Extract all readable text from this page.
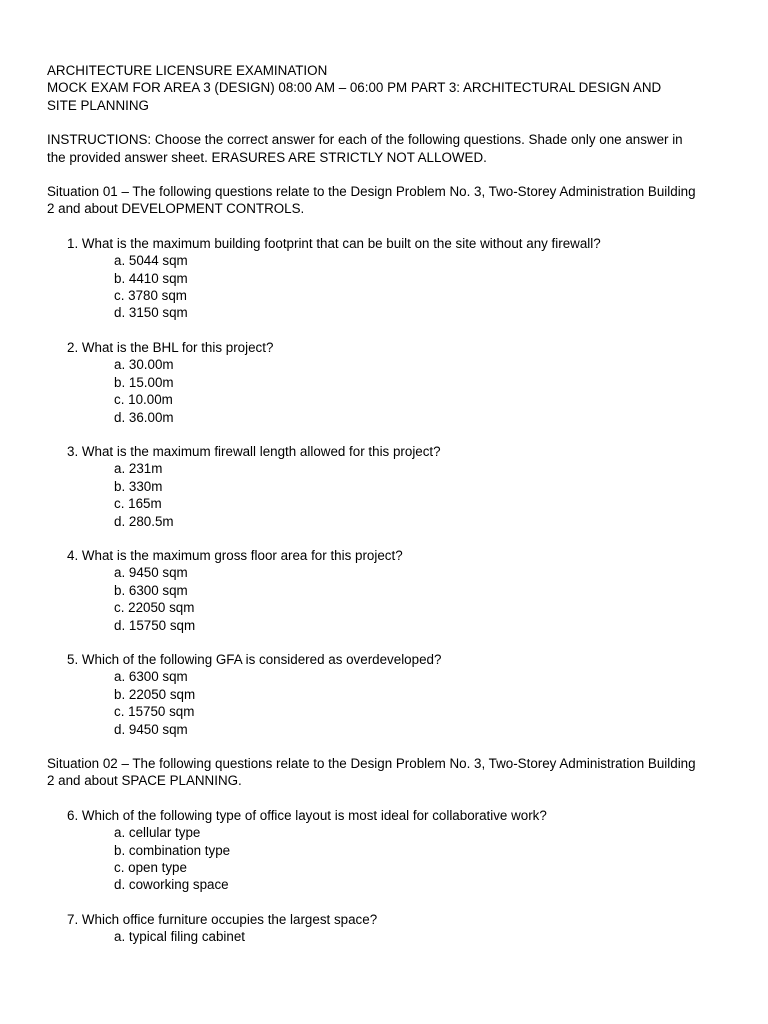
ARCHITECTURE LICENSURE EXAMINATION

MOCK EXAM FOR AREA 3 (DESIGN) 08:00 AM – 06:00 PM PART 3: ARCHITECTURAL DESIGN AND

SITE PLANNING

INSTRUCTIONS: Choose the correct answer for each of the following questions. Shade only one answer in

the provided answer sheet. ERASURES ARE STRICTLY NOT ALLOWED.

Situation 01 – The following questions relate to the Design Problem No. 3, Two-Storey Administration Building

2 and about DEVELOPMENT CONTROLS.

1. What is the maximum building footprint that can be built on the site without any firewall?
a. 5044 sqm
b. 4410 sqm
c. 3780 sqm
d. 3150 sqm
2. What is the BHL for this project?
a. 30.00m
b. 15.00m
c. 10.00m
d. 36.00m
3. What is the maximum firewall length allowed for this project?
a. 231m
b. 330m
c. 165m
d. 280.5m
4. What is the maximum gross floor area for this project?
a. 9450 sqm
b. 6300 sqm
c. 22050 sqm
d. 15750 sqm
5. Which of the following GFA is considered as overdeveloped?
a. 6300 sqm
b. 22050 sqm
c. 15750 sqm
d. 9450 sqm

Situation 02 – The following questions relate to the Design Problem No. 3, Two-Storey Administration Building

2 and about SPACE PLANNING.

6. Which of the following type of office layout is most ideal for collaborative work?
a. cellular type
b. combination type
c. open type
d. coworking space
7. Which office furniture occupies the largest space?
a. typical filing cabinet
